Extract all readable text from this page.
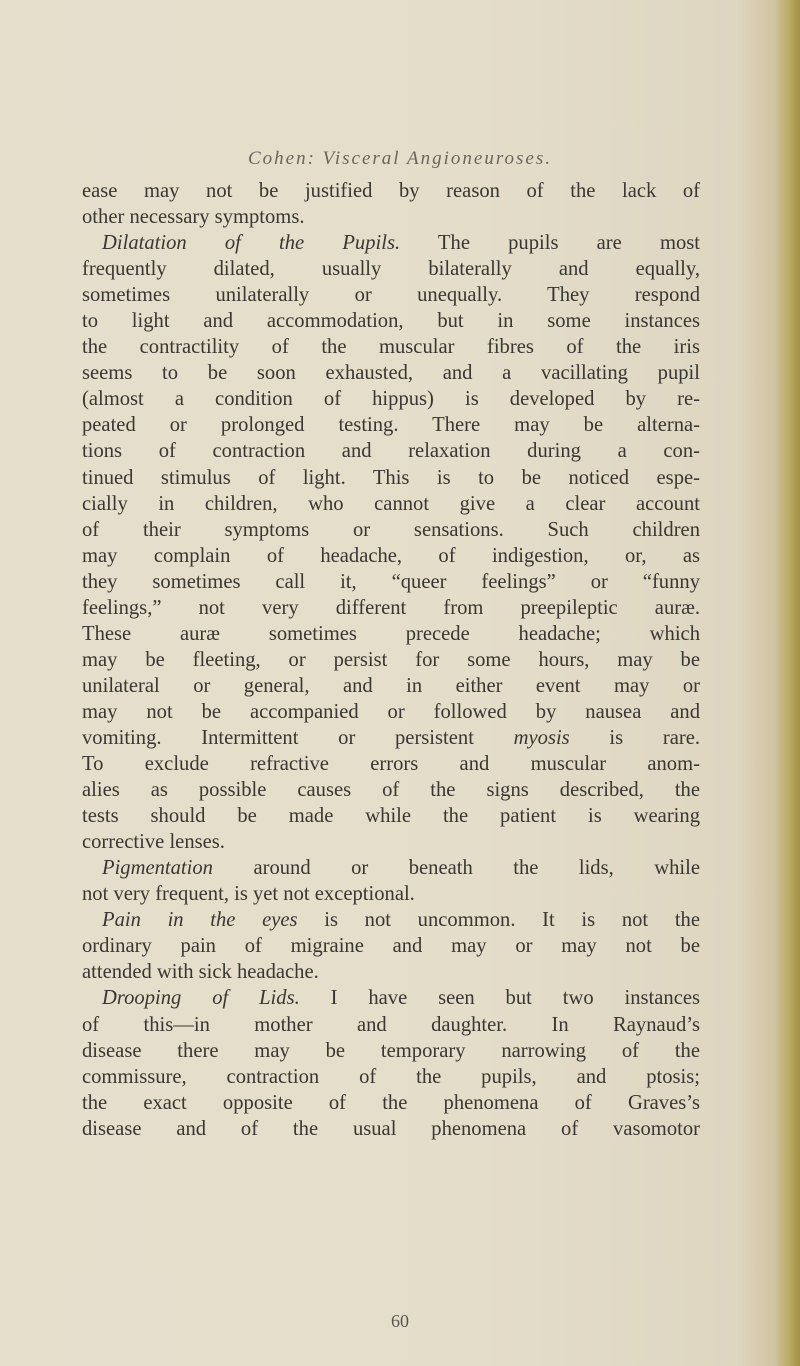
Cohen: Visceral Angioneuroses.
ease may not be justified by reason of the lack of
other necessary symptoms.
Dilatation of the Pupils. The pupils are most
frequently dilated, usually bilaterally and equally,
sometimes unilaterally or unequally. They respond
to light and accommodation, but in some instances
the contractility of the muscular fibres of the iris
seems to be soon exhausted, and a vacillating pupil
(almost a condition of hippus) is developed by re-
peated or prolonged testing. There may be alterna-
tions of contraction and relaxation during a con-
tinued stimulus of light. This is to be noticed espe-
cially in children, who cannot give a clear account
of their symptoms or sensations. Such children
may complain of headache, of indigestion, or, as
they sometimes call it, “queer feelings” or “funny
feelings,” not very different from preepileptic auræ.
These auræ sometimes precede headache; which
may be fleeting, or persist for some hours, may be
unilateral or general, and in either event may or
may not be accompanied or followed by nausea and
vomiting. Intermittent or persistent myosis is rare.
To exclude refractive errors and muscular anom-
alies as possible causes of the signs described, the
tests should be made while the patient is wearing
corrective lenses.
Pigmentation around or beneath the lids, while
not very frequent, is yet not exceptional.
Pain in the eyes is not uncommon. It is not the
ordinary pain of migraine and may or may not be
attended with sick headache.
Drooping of Lids. I have seen but two instances
of this—in mother and daughter. In Raynaud’s
disease there may be temporary narrowing of the
commissure, contraction of the pupils, and ptosis;
the exact opposite of the phenomena of Graves’s
disease and of the usual phenomena of vasomotor
60
